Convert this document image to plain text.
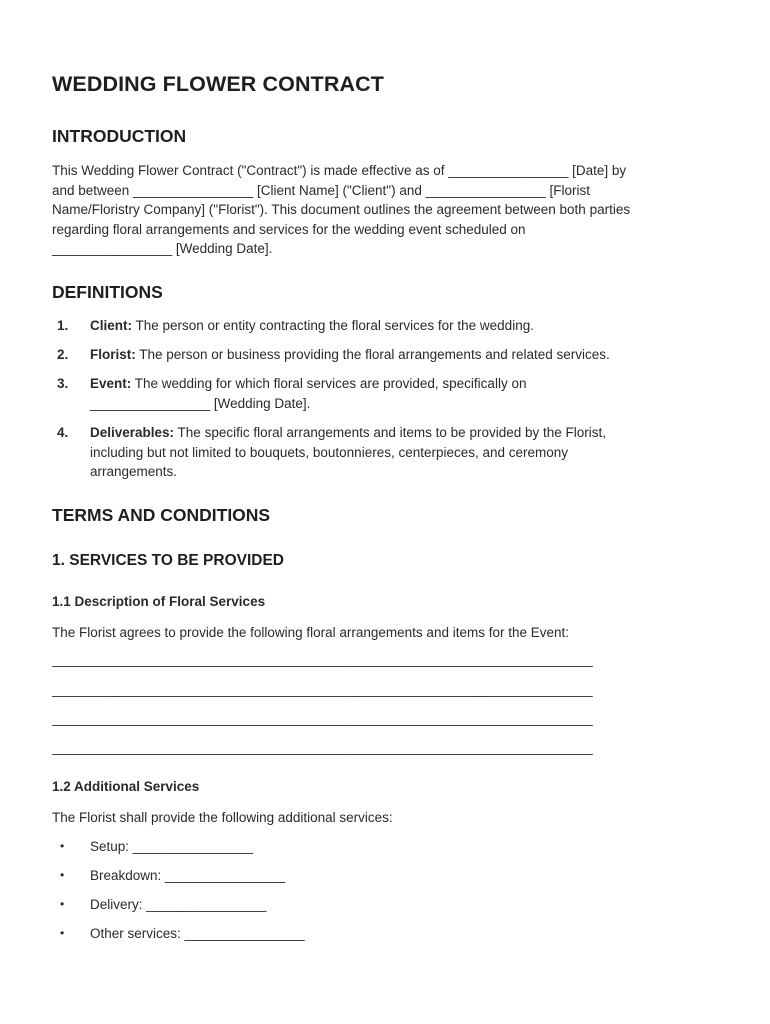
WEDDING FLOWER CONTRACT
INTRODUCTION
This Wedding Flower Contract ("Contract") is made effective as of ________________ [Date] by
and between ________________ [Client Name] ("Client") and ________________ [Florist
Name/Floristry Company] ("Florist"). This document outlines the agreement between both parties
regarding floral arrangements and services for the wedding event scheduled on
________________ [Wedding Date].
DEFINITIONS
1. Client: The person or entity contracting the floral services for the wedding.
2. Florist: The person or business providing the floral arrangements and related services.
3. Event: The wedding for which floral services are provided, specifically on
________________ [Wedding Date].
4. Deliverables: The specific floral arrangements and items to be provided by the Florist,
including but not limited to bouquets, boutonnieres, centerpieces, and ceremony
arrangements.
TERMS AND CONDITIONS
1. SERVICES TO BE PROVIDED
1.1 Description of Floral Services

The Florist agrees to provide the following floral arrangements and items for the Event:

________________________________________________________________________

________________________________________________________________________

________________________________________________________________________

________________________________________________________________________

1.2 Additional Services

The Florist shall provide the following additional services:

• Setup: ________________
• Breakdown: ________________
• Delivery: ________________
• Other services: ________________
